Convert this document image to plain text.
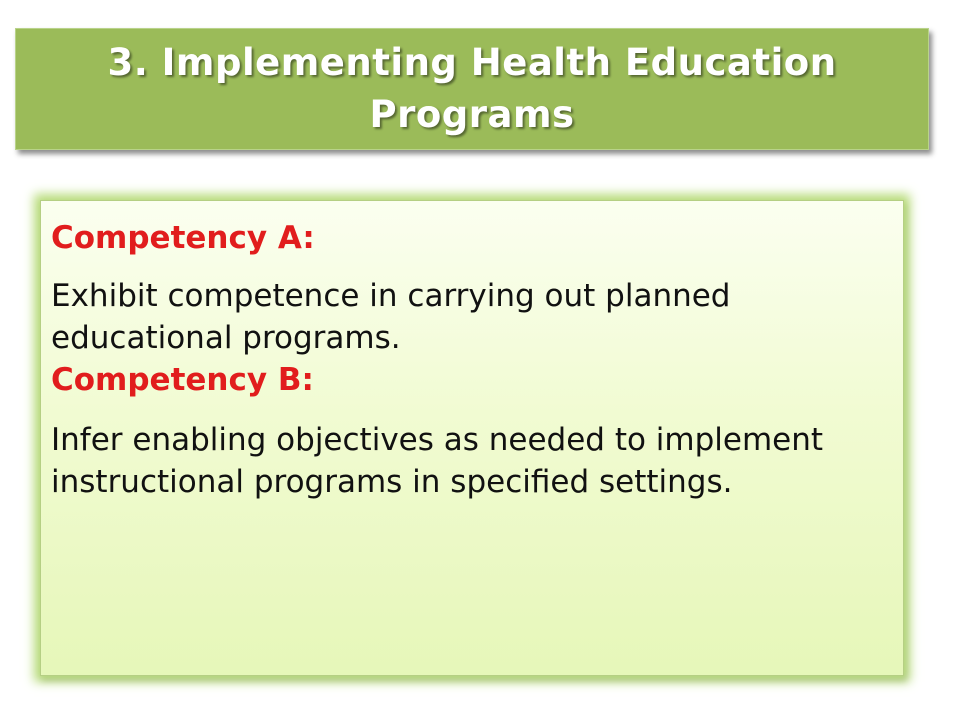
3. Implementing Health Education Programs

Competency A:

Exhibit competence in carrying out planned educational programs.

Competency B:

Infer enabling objectives as needed to implement instructional programs in specified settings.
